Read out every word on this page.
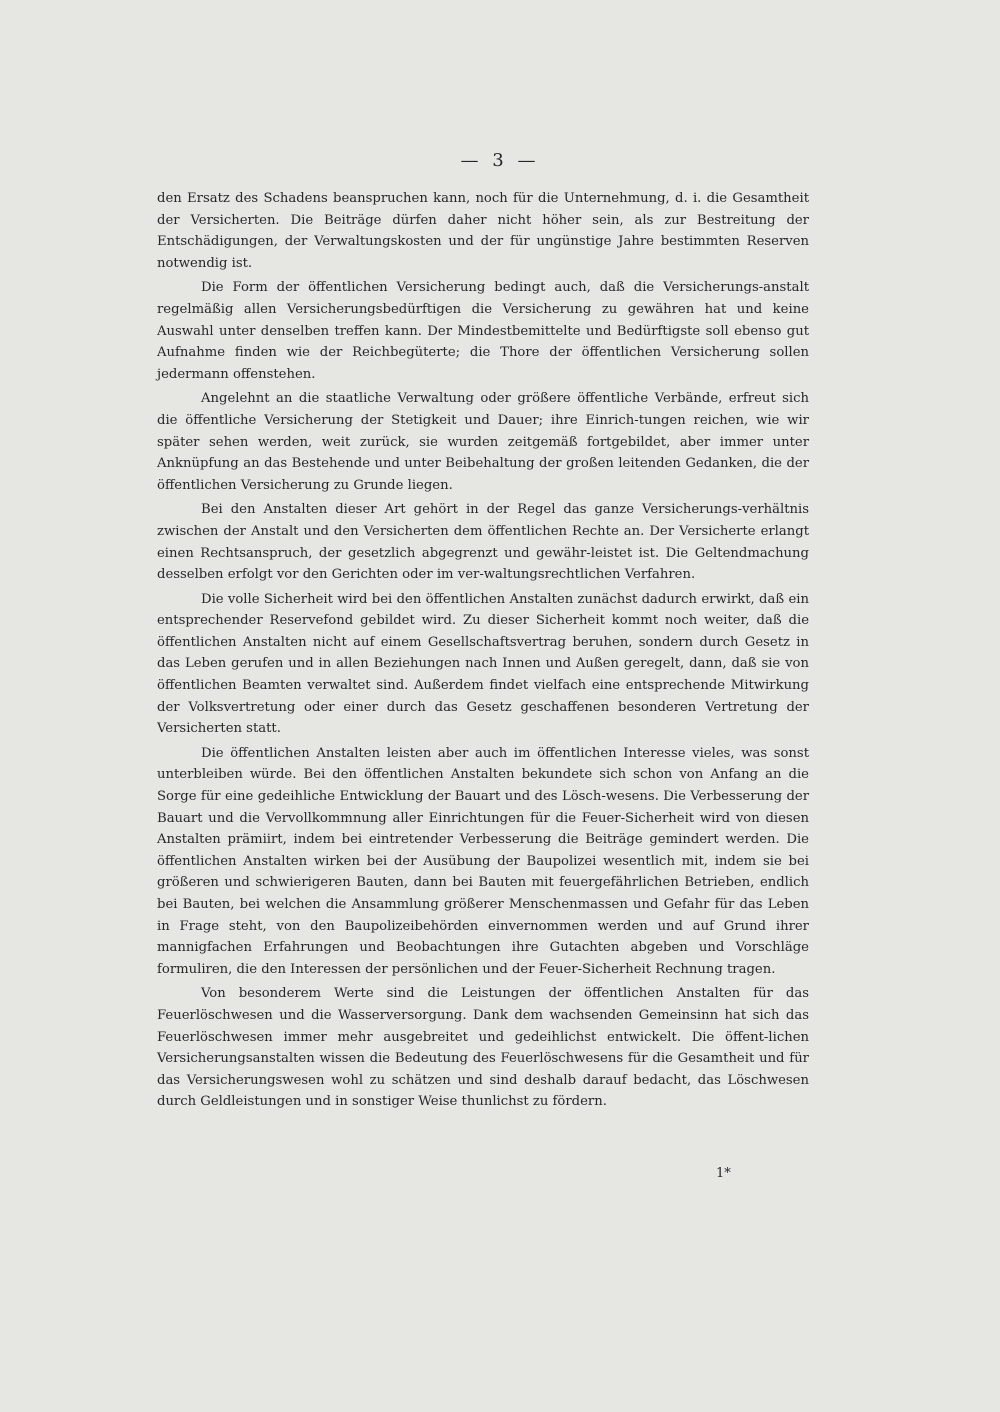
— 3 —

den Ersatz des Schadens beanspruchen kann, noch für die Unternehmung, d. i. die Gesamtheit der Versicherten. Die Beiträge dürfen daher nicht höher sein, als zur Bestreitung der Entschädigungen, der Verwaltungskosten und der für ungünstige Jahre bestimmten Reserven notwendig ist.

Die Form der öffentlichen Versicherung bedingt auch, daß die Versicherungs-anstalt regelmäßig allen Versicherungsbedürftigen die Versicherung zu gewähren hat und keine Auswahl unter denselben treffen kann. Der Mindestbemittelte und Bedürftigste soll ebenso gut Aufnahme finden wie der Reichbegüterte; die Thore der öffentlichen Versicherung sollen jedermann offenstehen.

Angelehnt an die staatliche Verwaltung oder größere öffentliche Verbände, erfreut sich die öffentliche Versicherung der Stetigkeit und Dauer; ihre Einrich-tungen reichen, wie wir später sehen werden, weit zurück, sie wurden zeitgemäß fortgebildet, aber immer unter Anknüpfung an das Bestehende und unter Beibehaltung der großen leitenden Gedanken, die der öffentlichen Versicherung zu Grunde liegen.

Bei den Anstalten dieser Art gehört in der Regel das ganze Versicherungs-verhältnis zwischen der Anstalt und den Versicherten dem öffentlichen Rechte an. Der Versicherte erlangt einen Rechtsanspruch, der gesetzlich abgegrenzt und gewähr-leistet ist. Die Geltendmachung desselben erfolgt vor den Gerichten oder im ver-waltungsrechtlichen Verfahren.

Die volle Sicherheit wird bei den öffentlichen Anstalten zunächst dadurch erwirkt, daß ein entsprechender Reservefond gebildet wird. Zu dieser Sicherheit kommt noch weiter, daß die öffentlichen Anstalten nicht auf einem Gesellschaftsvertrag beruhen, sondern durch Gesetz in das Leben gerufen und in allen Beziehungen nach Innen und Außen geregelt, dann, daß sie von öffentlichen Beamten verwaltet sind. Außerdem findet vielfach eine entsprechende Mitwirkung der Volksvertretung oder einer durch das Gesetz geschaffenen besonderen Vertretung der Versicherten statt.

Die öffentlichen Anstalten leisten aber auch im öffentlichen Interesse vieles, was sonst unterbleiben würde. Bei den öffentlichen Anstalten bekundete sich schon von Anfang an die Sorge für eine gedeihliche Entwicklung der Bauart und des Lösch-wesens. Die Verbesserung der Bauart und die Vervollkommnung aller Einrichtungen für die Feuer-Sicherheit wird von diesen Anstalten prämiirt, indem bei eintretender Verbesserung die Beiträge gemindert werden. Die öffentlichen Anstalten wirken bei der Ausübung der Baupolizei wesentlich mit, indem sie bei größeren und schwierigeren Bauten, dann bei Bauten mit feuergefährlichen Betrieben, endlich bei Bauten, bei welchen die Ansammlung größerer Menschenmassen und Gefahr für das Leben in Frage steht, von den Baupolizeibehörden einvernommen werden und auf Grund ihrer mannigfachen Erfahrungen und Beobachtungen ihre Gutachten abgeben und Vorschläge formuliren, die den Interessen der persönlichen und der Feuer-Sicherheit Rechnung tragen.

Von besonderem Werte sind die Leistungen der öffentlichen Anstalten für das Feuerlöschwesen und die Wasserversorgung. Dank dem wachsenden Gemeinsinn hat sich das Feuerlöschwesen immer mehr ausgebreitet und gedeihlichst entwickelt. Die öffent-lichen Versicherungsanstalten wissen die Bedeutung des Feuerlöschwesens für die Gesamtheit und für das Versicherungswesen wohl zu schätzen und sind deshalb darauf bedacht, das Löschwesen durch Geldleistungen und in sonstiger Weise thunlichst zu fördern.

1*
